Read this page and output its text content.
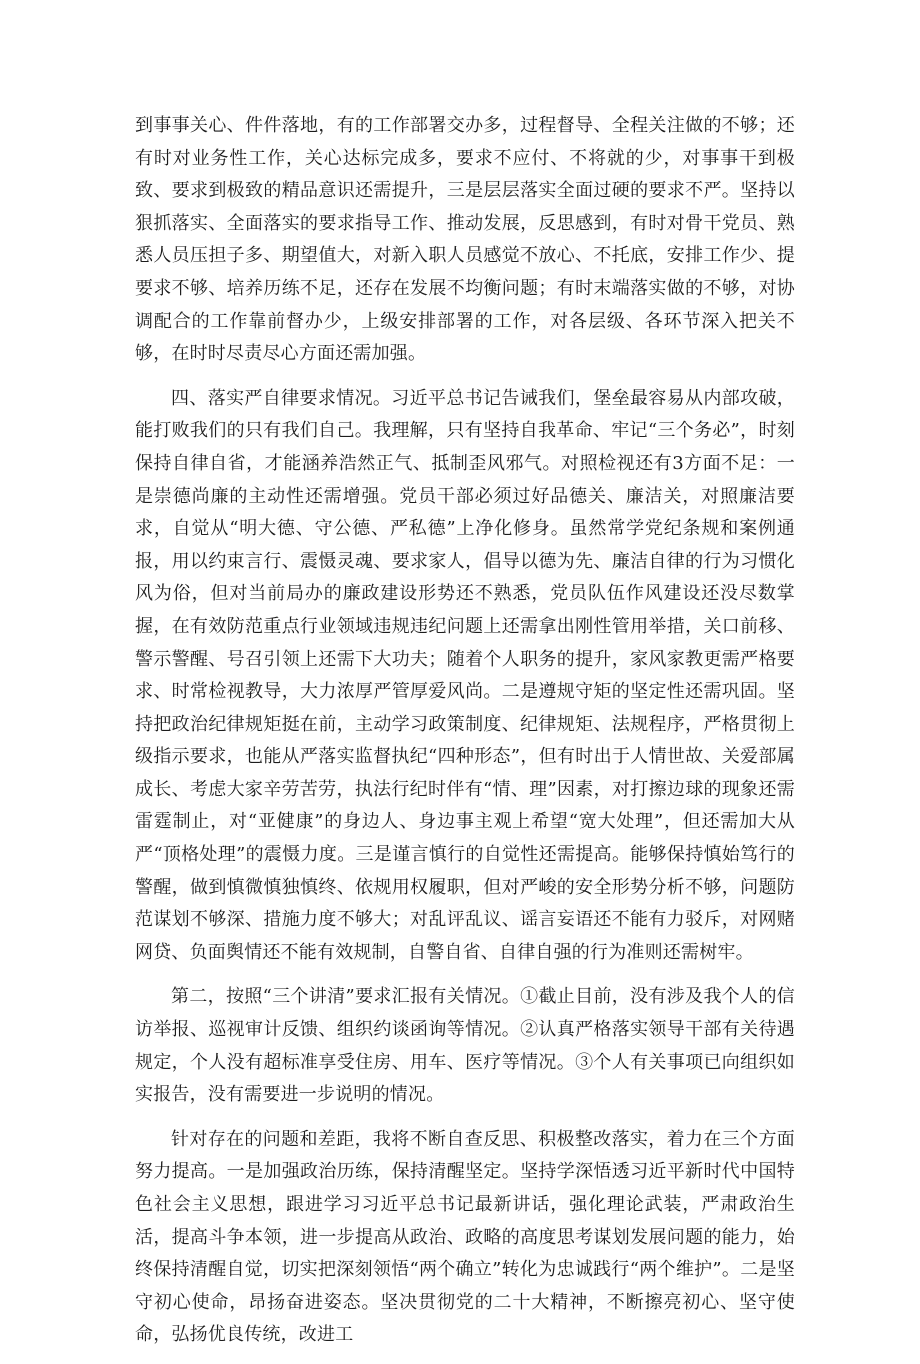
到事事关心、件件落地，有的工作部署交办多，过程督导、全程关注做的不够；还有时对业务性工作，关心达标完成多，要求不应付、不将就的少，对事事干到极致、要求到极致的精品意识还需提升，三是层层落实全面过硬的要求不严。坚持以狠抓落实、全面落实的要求指导工作、推动发展，反思感到，有时对骨干党员、熟悉人员压担子多、期望值大，对新入职人员感觉不放心、不托底，安排工作少、提要求不够、培养历练不足，还存在发展不均衡问题；有时末端落实做的不够，对协调配合的工作靠前督办少，上级安排部署的工作，对各层级、各环节深入把关不够，在时时尽责尽心方面还需加强。

四、落实严自律要求情况。习近平总书记告诫我们，堡垒最容易从内部攻破，能打败我们的只有我们自己。我理解，只有坚持自我革命、牢记“三个务必”，时刻保持自律自省，才能涵养浩然正气、抵制歪风邪气。对照检视还有3方面不足：一是崇德尚廉的主动性还需增强。党员干部必须过好品德关、廉洁关，对照廉洁要求，自觉从“明大德、守公德、严私德”上净化修身。虽然常学党纪条规和案例通报，用以约束言行、震慑灵魂、要求家人，倡导以德为先、廉洁自律的行为习惯化风为俗，但对当前局办的廉政建设形势还不熟悉，党员队伍作风建设还没尽数掌握，在有效防范重点行业领域违规违纪问题上还需拿出刚性管用举措，关口前移、警示警醒、号召引领上还需下大功夫；随着个人职务的提升，家风家教更需严格要求、时常检视教导，大力浓厚严管厚爱风尚。二是遵规守矩的坚定性还需巩固。坚持把政治纪律规矩挺在前，主动学习政策制度、纪律规矩、法规程序，严格贯彻上级指示要求，也能从严落实监督执纪“四种形态”，但有时出于人情世故、关爱部属成长、考虑大家辛劳苦劳，执法行纪时伴有“情、理”因素，对打擦边球的现象还需雷霆制止，对“亚健康”的身边人、身边事主观上希望“宽大处理”，但还需加大从严“顶格处理”的震慑力度。三是谨言慎行的自觉性还需提高。能够保持慎始笃行的警醒，做到慎微慎独慎终、依规用权履职，但对严峻的安全形势分析不够，问题防范谋划不够深、措施力度不够大；对乱评乱议、谣言妄语还不能有力驳斥，对网赌网贷、负面舆情还不能有效规制，自警自省、自律自强的行为准则还需树牢。

第二，按照“三个讲清”要求汇报有关情况。①截止目前，没有涉及我个人的信访举报、巡视审计反馈、组织约谈函询等情况。②认真严格落实领导干部有关待遇规定，个人没有超标准享受住房、用车、医疗等情况。③个人有关事项已向组织如实报告，没有需要进一步说明的情况。

针对存在的问题和差距，我将不断自查反思、积极整改落实，着力在三个方面努力提高。一是加强政治历练，保持清醒坚定。坚持学深悟透习近平新时代中国特色社会主义思想，跟进学习习近平总书记最新讲话，强化理论武装，严肃政治生活，提高斗争本领，进一步提高从政治、政略的高度思考谋划发展问题的能力，始终保持清醒自觉，切实把深刻领悟“两个确立”转化为忠诚践行“两个维护”。二是坚守初心使命，昂扬奋进姿态。坚决贯彻党的二十大精神，不断擦亮初心、坚守使命，弘扬优良传统，改进工
